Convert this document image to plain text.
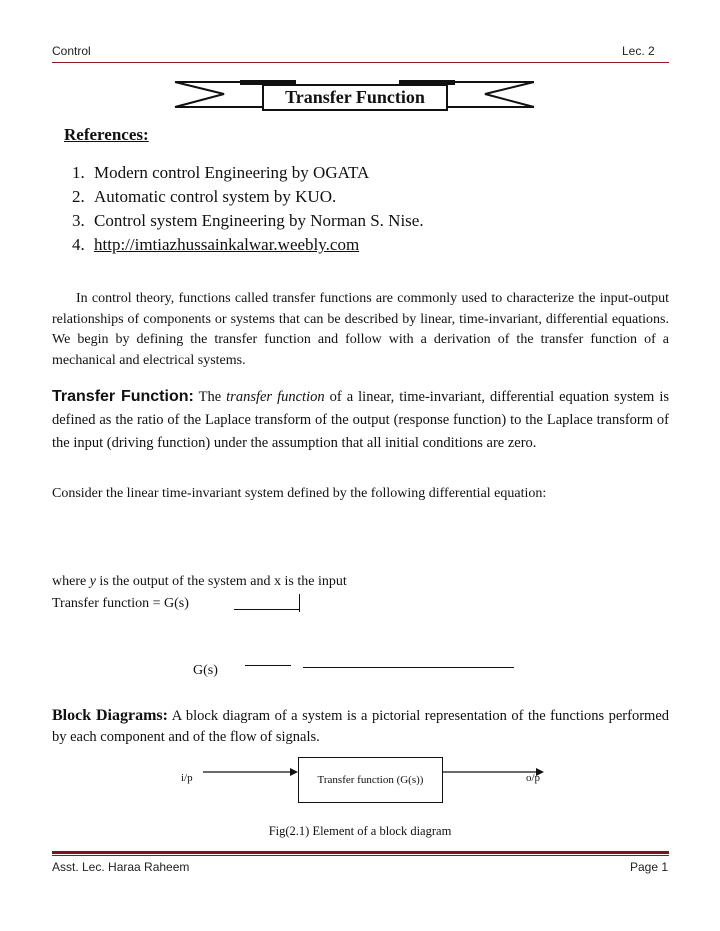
Control	Lec. 2
Transfer Function
References:
1. Modern control Engineering by OGATA
2. Automatic control system by KUO.
3. Control system Engineering by Norman S. Nise.
4. http://imtiazhussainkalwar.weebly.com
In control theory, functions called transfer functions are commonly used to characterize the input-output relationships of components or systems that can be described by linear, time-invariant, differential equations. We begin by defining the transfer function and follow with a derivation of the transfer function of a mechanical and electrical systems.
Transfer Function: The transfer function of a linear, time-invariant, differential equation system is defined as the ratio of the Laplace transform of the output (response function) to the Laplace transform of the input (driving function) under the assumption that all initial conditions are zero.
Consider the linear time-invariant system defined by the following differential equation:
where y is the output of the system and x is the input
Transfer function = G(s)
G(s)
Block Diagrams: A block diagram of a system is a pictorial representation of the functions performed by each component and of the flow of signals.
i/p	Transfer function (G(s))	o/p
Fig(2.1) Element of a block diagram
Asst. Lec. Haraa Raheem	Page 1
